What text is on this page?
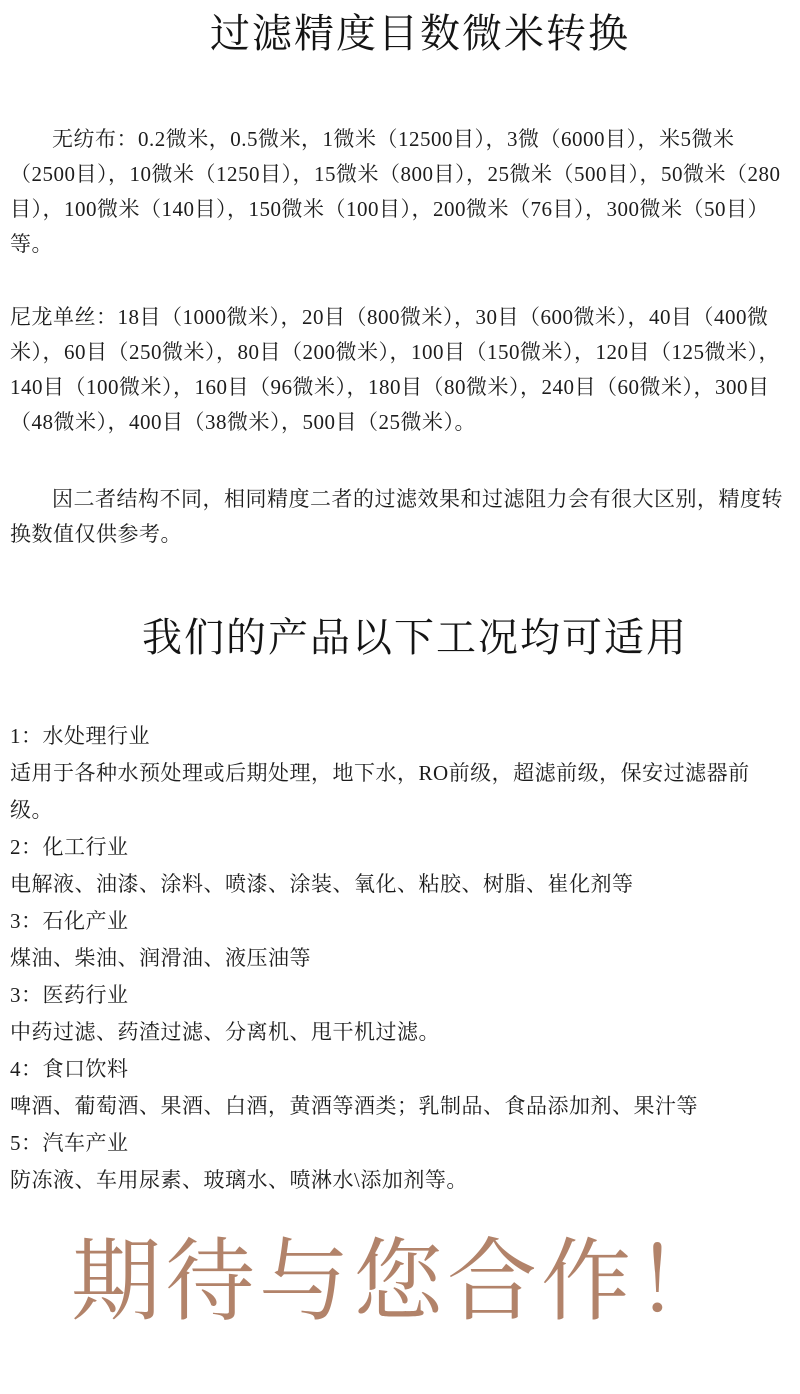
过滤精度目数微米转换

无纺布：0.2微米，0.5微米，1微米（12500目），3微（6000目），米5微米（2500目），10微米（1250目），15微米（800目），25微米（500目），50微米（280目），100微米（140目），150微米（100目），200微米（76目），300微米（50目）等。

尼龙单丝：18目（1000微米），20目（800微米），30目（600微米），40目（400微米），60目（250微米），80目（200微米），100目（150微米），120目（125微米），140目（100微米），160目（96微米），180目（80微米），240目（60微米），300目（48微米），400目（38微米），500目（25微米）。

因二者结构不同，相同精度二者的过滤效果和过滤阻力会有很大区别，精度转换数值仅供参考。

我们的产品以下工况均可适用
1：水处理行业
适用于各种水预处理或后期处理，地下水，RO前级，超滤前级，保安过滤器前级。
2：化工行业
电解液、油漆、涂料、喷漆、涂装、氧化、粘胶、树脂、崔化剂等
3：石化产业
煤油、柴油、润滑油、液压油等
3：医药行业
中药过滤、药渣过滤、分离机、甩干机过滤。
4：食口饮料
啤酒、葡萄酒、果酒、白酒，黄酒等酒类；乳制品、食品添加剂、果汁等
5：汽车产业
防冻液、车用尿素、玻璃水、喷淋水\添加剂等。
期待与您合作！
